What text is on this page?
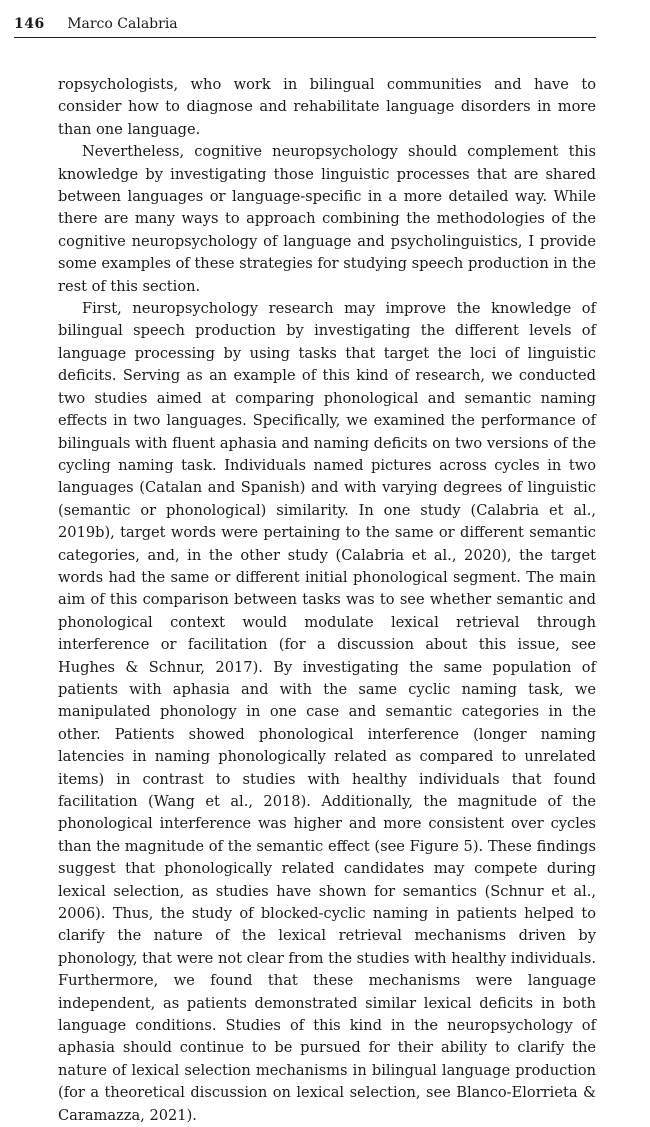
146 Marco Calabria

ropsychologists, who work in bilingual communities and have to consider how to diagnose and rehabilitate language disorders in more than one language.

Nevertheless, cognitive neuropsychology should complement this knowledge by investigating those linguistic processes that are shared between languages or language-specific in a more detailed way. While there are many ways to approach combining the methodologies of the cognitive neuropsychology of language and psycholinguistics, I provide some examples of these strategies for studying speech production in the rest of this section.

First, neuropsychology research may improve the knowledge of bilingual speech production by investigating the different levels of language processing by using tasks that target the loci of linguistic deficits. Serving as an example of this kind of research, we conducted two studies aimed at comparing phonological and semantic naming effects in two languages. Specifically, we examined the performance of bilinguals with fluent aphasia and naming deficits on two versions of the cycling naming task. Individuals named pictures across cycles in two languages (Catalan and Spanish) and with varying degrees of linguistic (semantic or phonological) similarity. In one study (Calabria et al., 2019b), target words were pertaining to the same or different semantic categories, and, in the other study (Calabria et al., 2020), the target words had the same or different initial phonological segment. The main aim of this comparison between tasks was to see whether semantic and phonological context would modulate lexical retrieval through interference or facilitation (for a discussion about this issue, see Hughes & Schnur, 2017). By investigating the same population of patients with aphasia and with the same cyclic naming task, we manipulated phonology in one case and semantic categories in the other. Patients showed phonological interference (longer naming latencies in naming phonologically related as compared to unrelated items) in contrast to studies with healthy individuals that found facilitation (Wang et al., 2018). Additionally, the magnitude of the phonological interference was higher and more consistent over cycles than the magnitude of the semantic effect (see Figure 5). These findings suggest that phonologically related candidates may compete during lexical selection, as studies have shown for semantics (Schnur et al., 2006). Thus, the study of blocked-cyclic naming in patients helped to clarify the nature of the lexical retrieval mechanisms driven by phonology, that were not clear from the studies with healthy individuals. Furthermore, we found that these mechanisms were language independent, as patients demonstrated similar lexical deficits in both language conditions. Studies of this kind in the neuropsychology of aphasia should continue to be pursued for their ability to clarify the nature of lexical selection mechanisms in bilingual language production (for a theoretical discussion on lexical selection, see Blanco-Elorrieta & Caramazza, 2021).
